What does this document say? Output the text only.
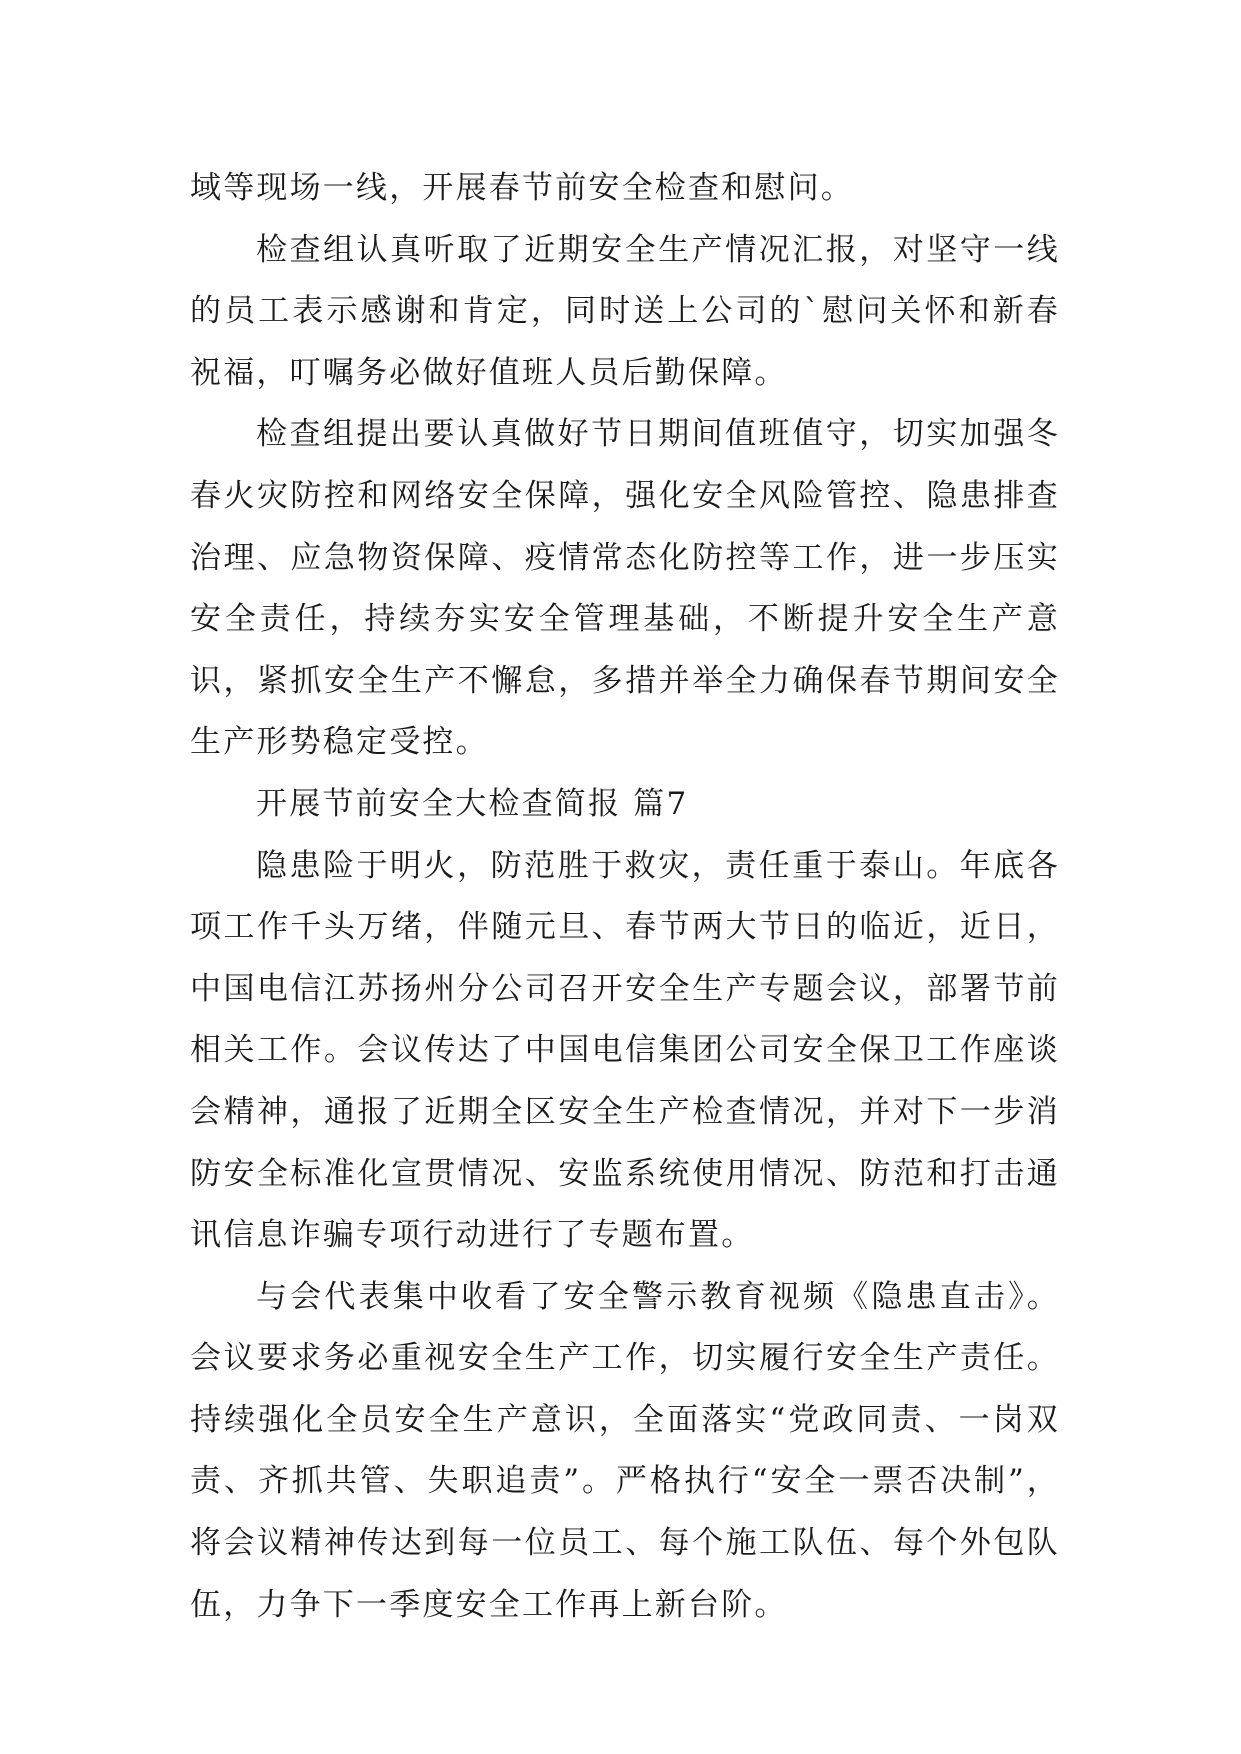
域等现场一线，开展春节前安全检查和慰问。

检查组认真听取了近期安全生产情况汇报，对坚守一线的员工表示感谢和肯定，同时送上公司的`慰问关怀和新春祝福，叮嘱务必做好值班人员后勤保障。

检查组提出要认真做好节日期间值班值守，切实加强冬春火灾防控和网络安全保障，强化安全风险管控、隐患排查治理、应急物资保障、疫情常态化防控等工作，进一步压实安全责任，持续夯实安全管理基础，不断提升安全生产意识，紧抓安全生产不懈怠，多措并举全力确保春节期间安全生产形势稳定受控。

开展节前安全大检查简报 篇7

隐患险于明火，防范胜于救灾，责任重于泰山。年底各项工作千头万绪，伴随元旦、春节两大节日的临近，近日，中国电信江苏扬州分公司召开安全生产专题会议，部署节前相关工作。会议传达了中国电信集团公司安全保卫工作座谈会精神，通报了近期全区安全生产检查情况，并对下一步消防安全标准化宣贯情况、安监系统使用情况、防范和打击通讯信息诈骗专项行动进行了专题布置。

与会代表集中收看了安全警示教育视频《隐患直击》。会议要求务必重视安全生产工作，切实履行安全生产责任。持续强化全员安全生产意识，全面落实“党政同责、一岗双责、齐抓共管、失职追责”。严格执行“安全一票否决制”，将会议精神传达到每一位员工、每个施工队伍、每个外包队伍，力争下一季度安全工作再上新台阶。
